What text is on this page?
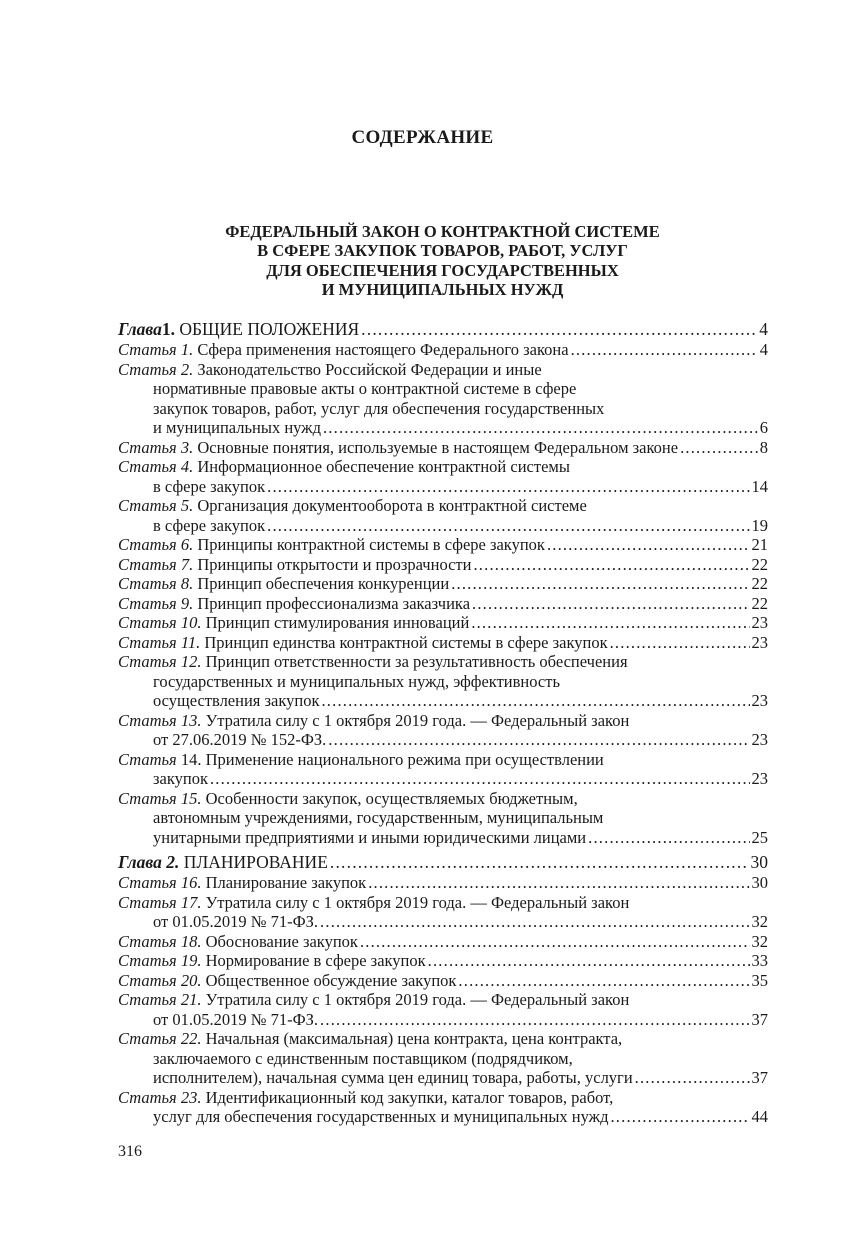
СОДЕРЖАНИЕ
ФЕДЕРАЛЬНЫЙ ЗАКОН О КОНТРАКТНОЙ СИСТЕМЕ
В СФЕРЕ ЗАКУПОК ТОВАРОВ, РАБОТ, УСЛУГ
ДЛЯ ОБЕСПЕЧЕНИЯ ГОСУДАРСТВЕННЫХ
И МУНИЦИПАЛЬНЫХ НУЖД
Глава 1.
ОБЩИЕ ПОЛОЖЕНИЯ .....	4
Статья 1.
Сфера применения настоящего Федерального закона .....	4
Статья 2.
Законодательство Российской Федерации и иные
нормативные правовые акты о контрактной системе в сфере
закупок товаров, работ, услуг для обеспечения государственных
и муниципальных нужд .....	6
Статья 3.
Основные понятия, используемые в настоящем Федеральном законе .....	8
Статья 4.
Информационное обеспечение контрактной системы
в сфере закупок .....	14
Статья 5.
Организация документооборота в контрактной системе
в сфере закупок .....	19
Статья 6.
Принципы контрактной системы в сфере закупок .....	21
Статья 7.
Принципы открытости и прозрачности .....	22
Статья 8.
Принцип обеспечения конкуренции .....	22
Статья 9.
Принцип профессионализма заказчика .....	22
Статья 10.
Принцип стимулирования инноваций .....	23
Статья 11.
Принцип единства контрактной системы в сфере закупок .....	23
Статья 12.
Принцип ответственности за результативность обеспечения
государственных и муниципальных нужд, эффективность
осуществления закупок .....	23
Статья 13.
Утратила силу с 1 октября 2019 года. — Федеральный закон
от 27.06.2019 № 152-ФЗ. .....	23
Статья
14. Применение национального режима при осуществлении
закупок .....	23
Статья 15.
Особенности закупок, осуществляемых бюджетным,
автономным учреждениями, государственным, муниципальным
унитарными предприятиями и иными юридическими лицами .....	25
Глава 2.
ПЛАНИРОВАНИЕ .....	30
Статья 16.
Планирование закупок .....	30
Статья 17.
Утратила силу с 1 октября 2019 года. — Федеральный закон
от 01.05.2019 № 71-ФЗ. .....	32
Статья 18.
Обоснование закупок .....	32
Статья 19.
Нормирование в сфере закупок .....	33
Статья 20.
Общественное обсуждение закупок .....	35
Статья 21.
Утратила силу с 1 октября 2019 года. — Федеральный закон
от 01.05.2019 № 71-ФЗ. .....	37
Статья 22.
Начальная (максимальная) цена контракта, цена контракта,
заключаемого с единственным поставщиком (подрядчиком,
исполнителем), начальная сумма цен единиц товара, работы, услуги .....	37
Статья 23.
Идентификационный код закупки, каталог товаров, работ,
услуг для обеспечения государственных и муниципальных нужд .....	44
316
